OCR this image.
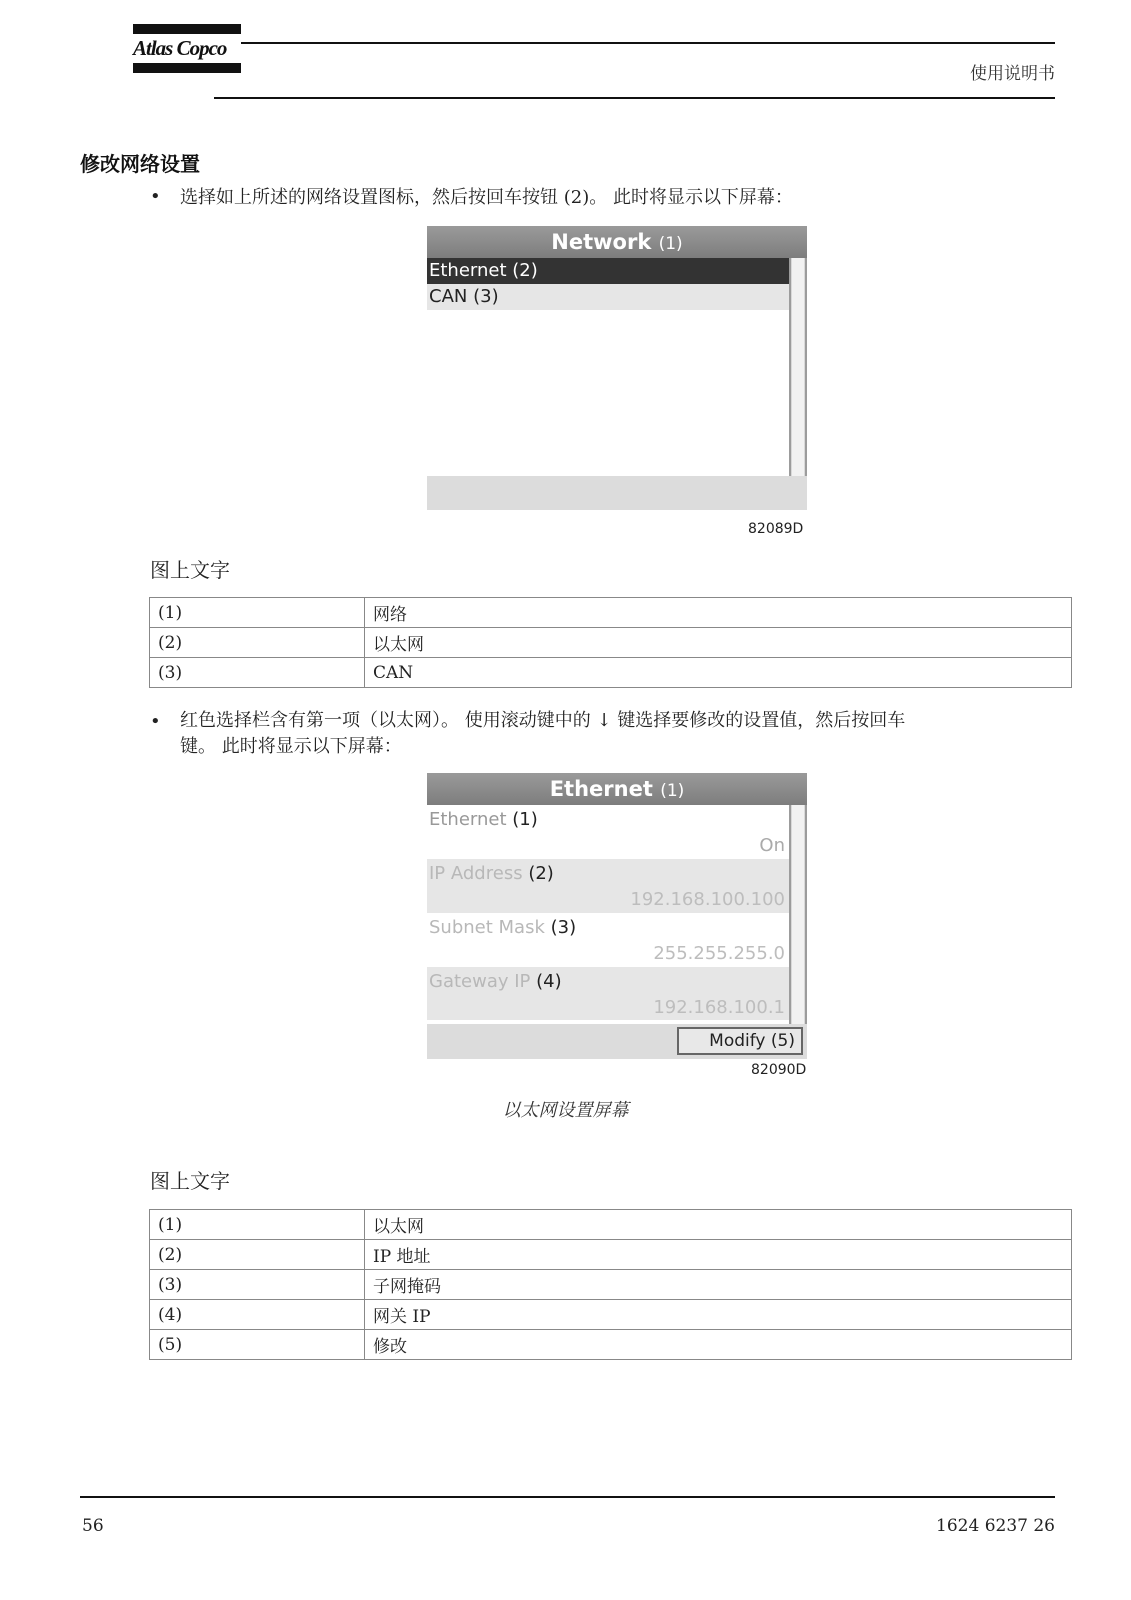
Atlas Copco
使用说明书
修改网络设置
• 选择如上所述的网络设置图标，然后按回车按钮 (2)。 此时将显示以下屏幕：
Network (1)
Ethernet (2)
CAN (3)
82089D
图上文字
(1)	网络
(2)	以太网
(3)	CAN
• 红色选择栏含有第一项（以太网）。 使用滚动键中的 ↓ 键选择要修改的设置值，然后按回车
键。 此时将显示以下屏幕：
Ethernet (1)
Ethernet (1)
On
IP Address (2)
192.168.100.100
Subnet Mask (3)
255.255.255.0
Gateway IP (4)
192.168.100.1
Modify (5)
82090D
以太网设置屏幕
图上文字
(1)	以太网
(2)	IP 地址
(3)	子网掩码
(4)	网关 IP
(5)	修改
56	1624 6237 26
